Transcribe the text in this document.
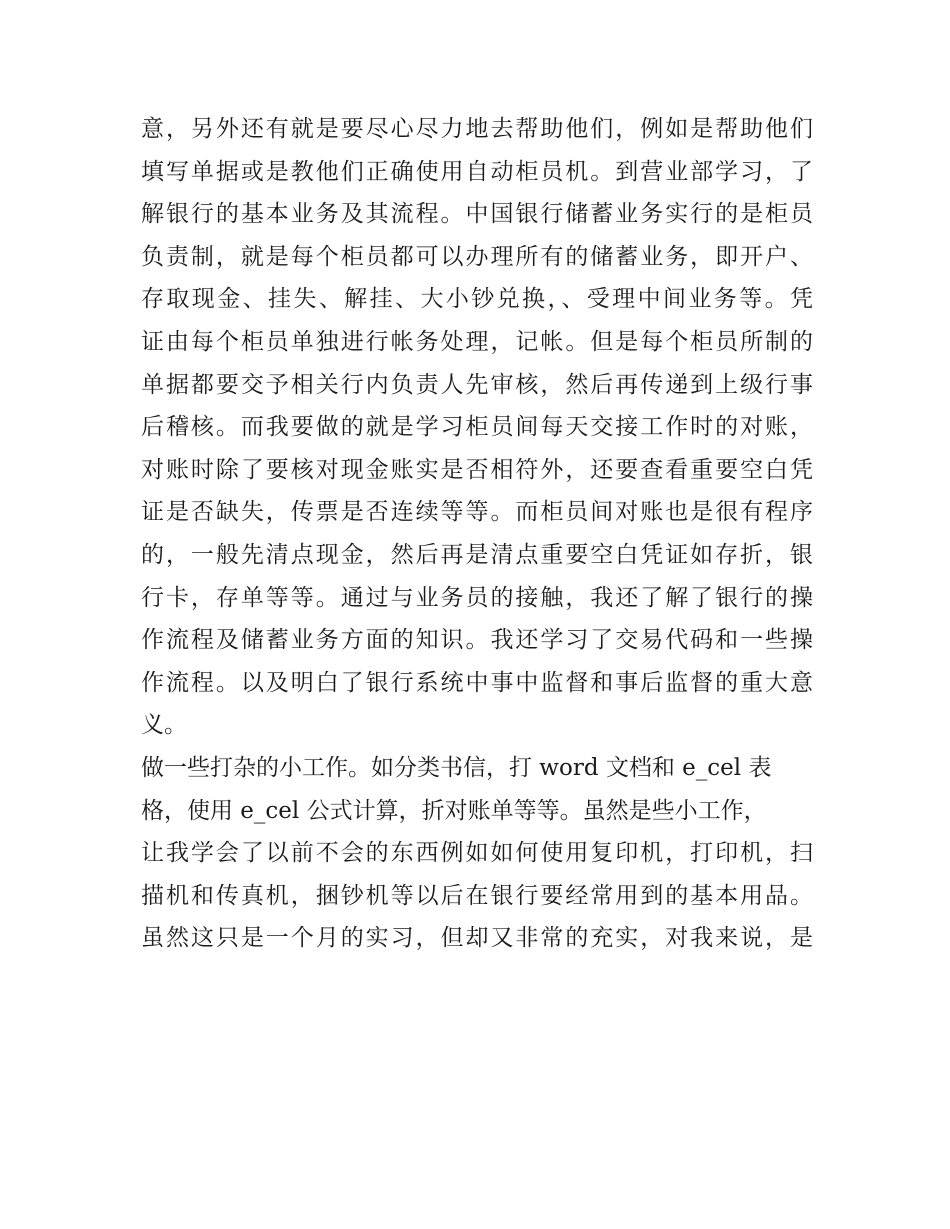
意，另外还有就是要尽心尽力地去帮助他们，例如是帮助他们
填写单据或是教他们正确使用自动柜员机。到营业部学习，了
解银行的基本业务及其流程。中国银行储蓄业务实行的是柜员
负责制，就是每个柜员都可以办理所有的储蓄业务，即开户、
存取现金、挂失、解挂、大小钞兑换，、受理中间业务等。凭
证由每个柜员单独进行帐务处理，记帐。但是每个柜员所制的
单据都要交予相关行内负责人先审核，然后再传递到上级行事
后稽核。而我要做的就是学习柜员间每天交接工作时的对账，
对账时除了要核对现金账实是否相符外，还要查看重要空白凭
证是否缺失，传票是否连续等等。而柜员间对账也是很有程序
的，一般先清点现金，然后再是清点重要空白凭证如存折，银
行卡，存单等等。通过与业务员的接触，我还了解了银行的操
作流程及储蓄业务方面的知识。我还学习了交易代码和一些操
作流程。以及明白了银行系统中事中监督和事后监督的重大意
义。
做一些打杂的小工作。如分类书信，打 word 文档和 e_cel 表
格，使用 e_cel 公式计算，折对账单等等。虽然是些小工作，
让我学会了以前不会的东西例如如何使用复印机，打印机，扫
描机和传真机，捆钞机等以后在银行要经常用到的基本用品。
虽然这只是一个月的实习，但却又非常的充实，对我来说，是
